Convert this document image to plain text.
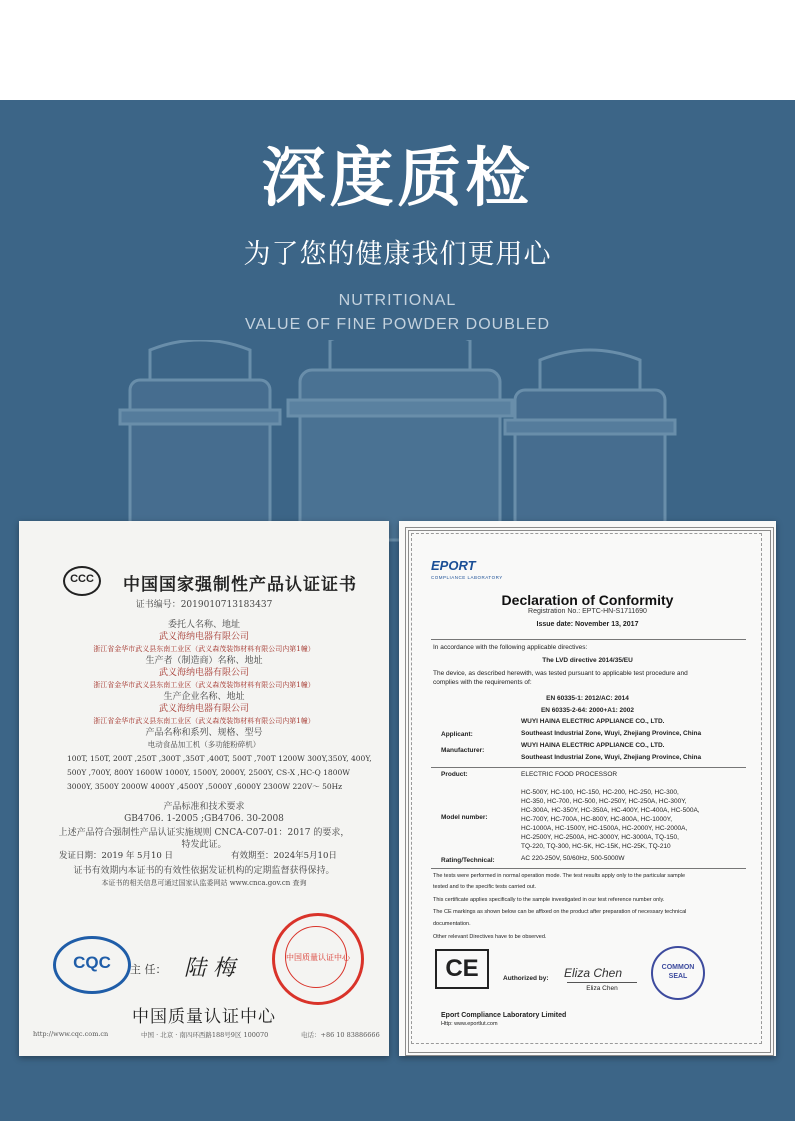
深度质检
为了您的健康我们更用心
NUTRITIONAL
VALUE OF FINE POWDER DOUBLED
CCC 中国国家强制性产品认证证书
证书编号：2019010713183437
委托人名称、地址
武义海纳电器有限公司
浙江省金华市武义县东南工业区（武义森茂装饰材料有限公司内第1幢）
生产者（制造商）名称、地址
武义海纳电器有限公司
浙江省金华市武义县东南工业区（武义森茂装饰材料有限公司内第1幢）
生产企业名称、地址
武义海纳电器有限公司
浙江省金华市武义县东南工业区（武义森茂装饰材料有限公司内第1幢）
产品名称和系列、规格、型号
电动食品加工机（多功能粉碎机）
100T, 150T, 200T ,250T ,300T ,350T ,400T, 500T ,700T 1200W 300Y,350Y, 400Y,
500Y ,700Y, 800Y 1600W 1000Y, 1500Y, 2000Y, 2500Y, CS-X ,HC-Q 1800W
3000Y, 3500Y 2000W 4000Y ,4500Y ,5000Y ,6000Y 2300W 220V～ 50Hz
产品标准和技术要求
GB4706. 1-2005 ;GB4706. 30-2008
上述产品符合强制性产品认证实施规则 CNCA-C07-01：2017 的要求，
特发此证。
发证日期：2019 年 5月10 日	有效期至：2024年5月10日
证书有效期内本证书的有效性依据发证机构的定期监督获得保持。
本证书的相关信息可通过国家认监委网站 www.cnca.gov.cn 查询
CQC	主 任： 陆 梅	中国质量认证中心
中国质量认证中心
http://www.cqc.com.cn	中国 · 北京 · 南四环西路188号9区 100070	电话：+86 10 83886666
EPORT
COMPLIANCE LABORATORY
Declaration of Conformity
Registration No.: EPTC-HN-S1711690
Issue date: November 13, 2017
In accordance with the following applicable directives:
The LVD directive 2014/35/EU
The device, as described herewith, was tested pursuant to applicable test procedure and
complies with the requirements of:
EN 60335-1: 2012/AC: 2014
EN 60335-2-64: 2000+A1: 2002
Applicant:
WUYI HAINA ELECTRIC APPLIANCE CO., LTD.
Southeast Industrial Zone, Wuyi, Zhejiang Province, China
Manufacturer:
WUYI HAINA ELECTRIC APPLIANCE CO., LTD.
Southeast Industrial Zone, Wuyi, Zhejiang Province, China
Product:	ELECTRIC FOOD PROCESSOR
HC-500Y, HC-100, HC-150, HC-200, HC-250, HC-300,
HC-350, HC-700, HC-500, HC-250Y, HC-250A, HC-300Y,
HC-300A, HC-350Y, HC-350A, HC-400Y, HC-400A, HC-500A,
Model number:	HC-700Y, HC-700A, HC-800Y, HC-800A, HC-1000Y,
HC-1000A, HC-1500Y, HC-1500A, HC-2000Y, HC-2000A,
HC-2500Y, HC-2500A, HC-3000Y, HC-3000A, TQ-150,
TQ-220, TQ-300, HC-5K, HC-15K, HC-25K, TQ-210
Rating/Technical:	AC 220-250V, 50/60Hz, 500-5000W
The tests were performed in normal operation mode. The test results apply only to the particular sample
tested and to the specific tests carried out.
This certificate applies specifically to the sample investigated in our test reference number only.
The CE markings as shown below can be affixed on the product after preparation of necessary technical
documentation.
Other relevant Directives have to be observed.
CE	Authorized by: Eliza Chen
Eliza Chen
COMMON SEAL
Eport Compliance Laboratory Limited
Http: www.eportlut.com
